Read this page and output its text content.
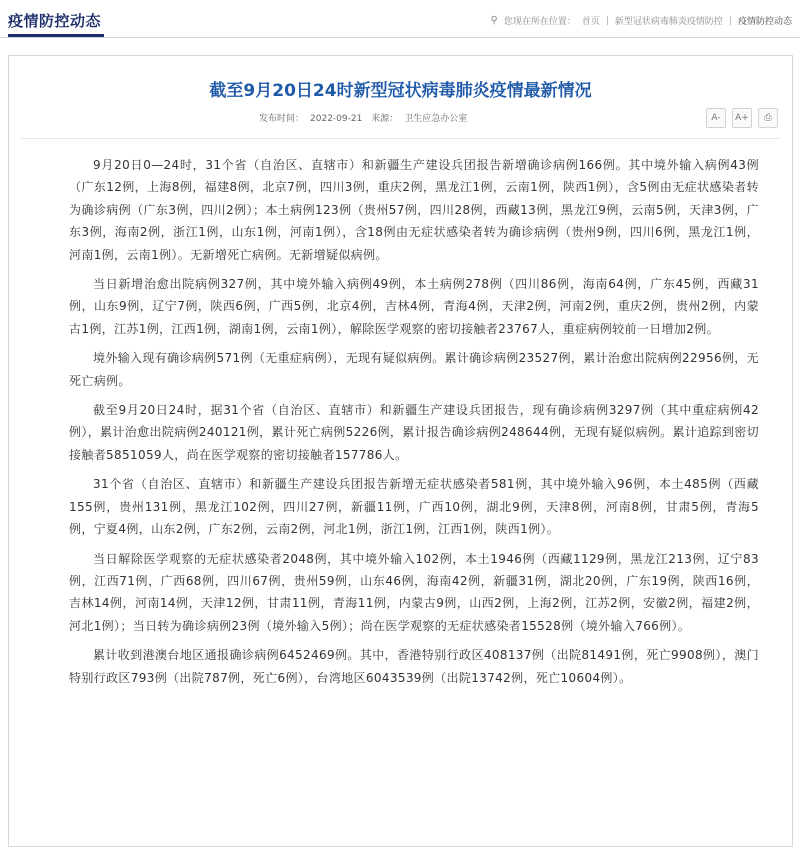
疫情防控动态	⚲ 您现在所在位置： 首页 | 新型冠状病毒肺炎疫情防控 | 疫情防控动态
截至9月20日24时新型冠状病毒肺炎疫情最新情况
发布时间： 2022-09-21 来源： 卫生应急办公室	A-	A+	⎙

9月20日0—24时，31个省（自治区、直辖市）和新疆生产建设兵团报告新增确诊病例166例。其中境外输入病例43例（广东12例，上海8例，福建8例，北京7例，四川3例，重庆2例，黑龙江1例，云南1例，陕西1例），含5例由无症状感染者转为确诊病例（广东3例，四川2例）；本土病例123例（贵州57例，四川28例，西藏13例，黑龙江9例，云南5例，天津3例，广东3例，海南2例，浙江1例，山东1例，河南1例），含18例由无症状感染者转为确诊病例（贵州9例，四川6例，黑龙江1例，河南1例，云南1例）。无新增死亡病例。无新增疑似病例。

当日新增治愈出院病例327例，其中境外输入病例49例，本土病例278例（四川86例，海南64例，广东45例，西藏31例，山东9例，辽宁7例，陕西6例，广西5例，北京4例，吉林4例，青海4例，天津2例，河南2例，重庆2例，贵州2例，内蒙古1例，江苏1例，江西1例，湖南1例，云南1例），解除医学观察的密切接触者23767人，重症病例较前一日增加2例。

境外输入现有确诊病例571例（无重症病例），无现有疑似病例。累计确诊病例23527例，累计治愈出院病例22956例，无死亡病例。

截至9月20日24时，据31个省（自治区、直辖市）和新疆生产建设兵团报告，现有确诊病例3297例（其中重症病例42例），累计治愈出院病例240121例，累计死亡病例5226例，累计报告确诊病例248644例，无现有疑似病例。累计追踪到密切接触者5851059人，尚在医学观察的密切接触者157786人。

31个省（自治区、直辖市）和新疆生产建设兵团报告新增无症状感染者581例，其中境外输入96例，本土485例（西藏155例，贵州131例，黑龙江102例，四川27例，新疆11例，广西10例，湖北9例，天津8例，河南8例，甘肃5例，青海5例，宁夏4例，山东2例，广东2例，云南2例，河北1例，浙江1例，江西1例，陕西1例）。

当日解除医学观察的无症状感染者2048例，其中境外输入102例，本土1946例（西藏1129例，黑龙江213例，辽宁83例，江西71例，广西68例，四川67例，贵州59例，山东46例，海南42例，新疆31例，湖北20例，广东19例，陕西16例，吉林14例，河南14例，天津12例，甘肃11例，青海11例，内蒙古9例，山西2例，上海2例，江苏2例，安徽2例，福建2例，河北1例）；当日转为确诊病例23例（境外输入5例）；尚在医学观察的无症状感染者15528例（境外输入766例）。

累计收到港澳台地区通报确诊病例6452469例。其中，香港特别行政区408137例（出院81491例，死亡9908例），澳门特别行政区793例（出院787例，死亡6例），台湾地区6043539例（出院13742例，死亡10604例）。
